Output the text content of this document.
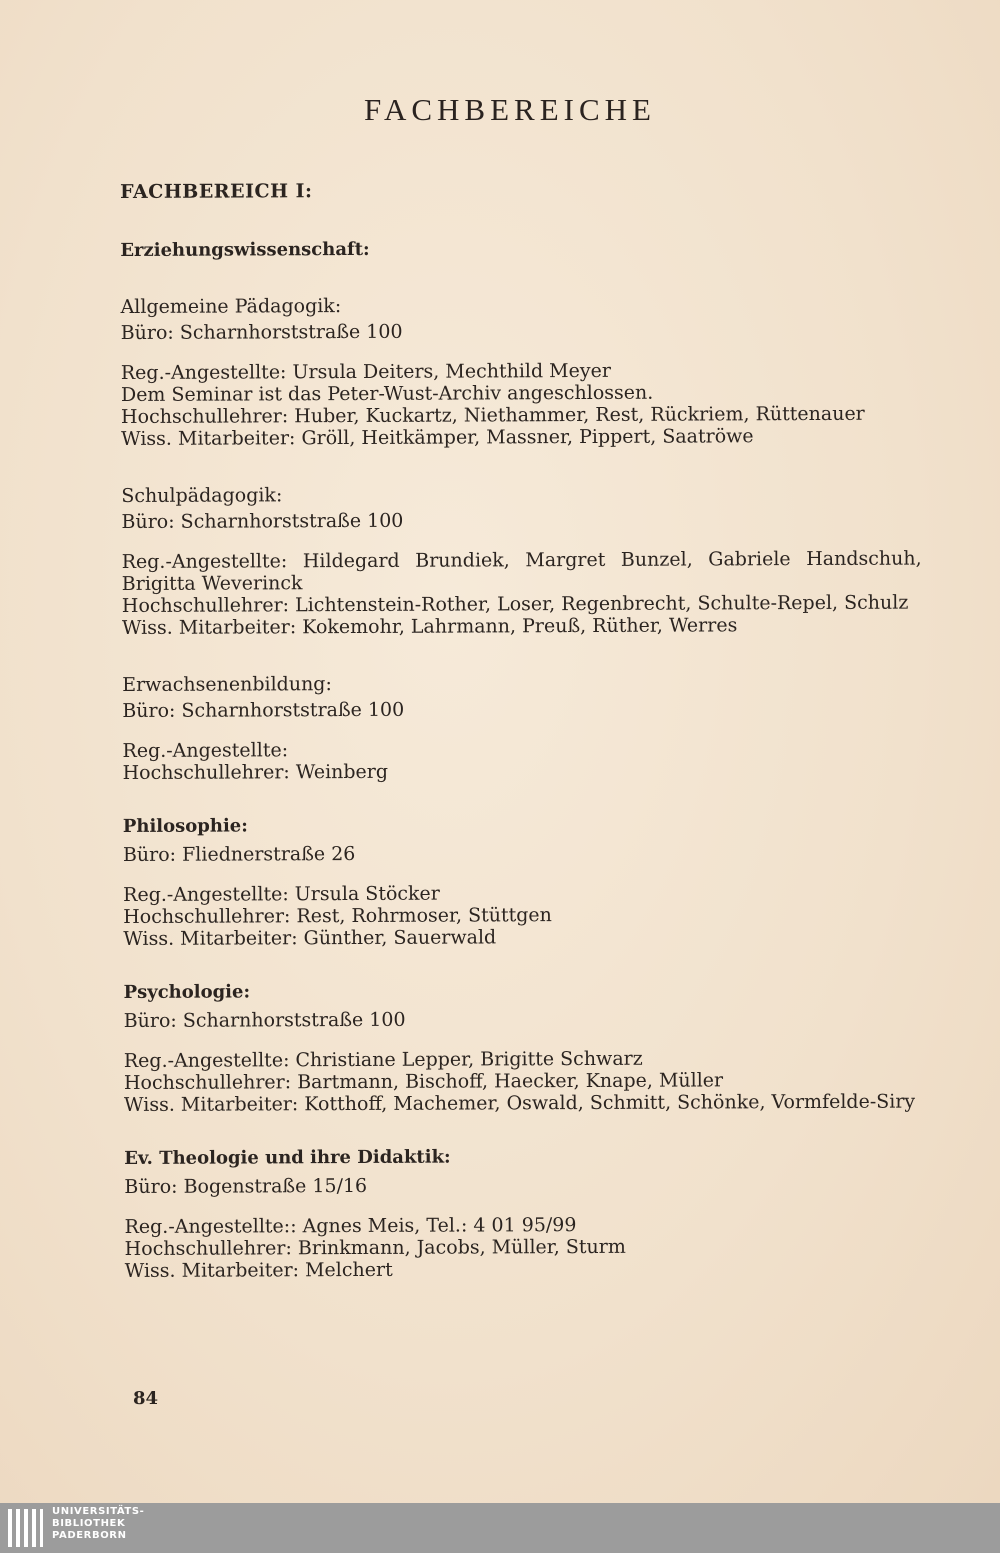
FACHBEREICHE
FACHBEREICH I:
Erziehungswissenschaft:
Allgemeine Pädagogik:
Büro: Scharnhorststraße 100
Reg.-Angestellte: Ursula Deiters, Mechthild Meyer
Dem Seminar ist das Peter-Wust-Archiv angeschlossen.
Hochschullehrer: Huber, Kuckartz, Niethammer, Rest, Rückriem, Rüttenauer
Wiss. Mitarbeiter: Gröll, Heitkämper, Massner, Pippert, Saatröwe
Schulpädagogik:
Büro: Scharnhorststraße 100
Reg.-Angestellte: Hildegard Brundiek, Margret Bunzel, Gabriele Handschuh, Brigitta Weverinck
Hochschullehrer: Lichtenstein-Rother, Loser, Regenbrecht, Schulte-Repel, Schulz
Wiss. Mitarbeiter: Kokemohr, Lahrmann, Preuß, Rüther, Werres
Erwachsenenbildung:
Büro: Scharnhorststraße 100
Reg.-Angestellte:
Hochschullehrer: Weinberg
Philosophie:
Büro: Fliednerstraße 26
Reg.-Angestellte: Ursula Stöcker
Hochschullehrer: Rest, Rohrmoser, Stüttgen
Wiss. Mitarbeiter: Günther, Sauerwald
Psychologie:
Büro: Scharnhorststraße 100
Reg.-Angestellte: Christiane Lepper, Brigitte Schwarz
Hochschullehrer: Bartmann, Bischoff, Haecker, Knape, Müller
Wiss. Mitarbeiter: Kotthoff, Machemer, Oswald, Schmitt, Schönke, Vormfelde-Siry
Ev. Theologie und ihre Didaktik:
Büro: Bogenstraße 15/16
Reg.-Angestellte:: Agnes Meis, Tel.: 4 01 95/99
Hochschullehrer: Brinkmann, Jacobs, Müller, Sturm
Wiss. Mitarbeiter: Melchert
84
UNIVERSITÄTS-
BIBLIOTHEK
PADERBORN
